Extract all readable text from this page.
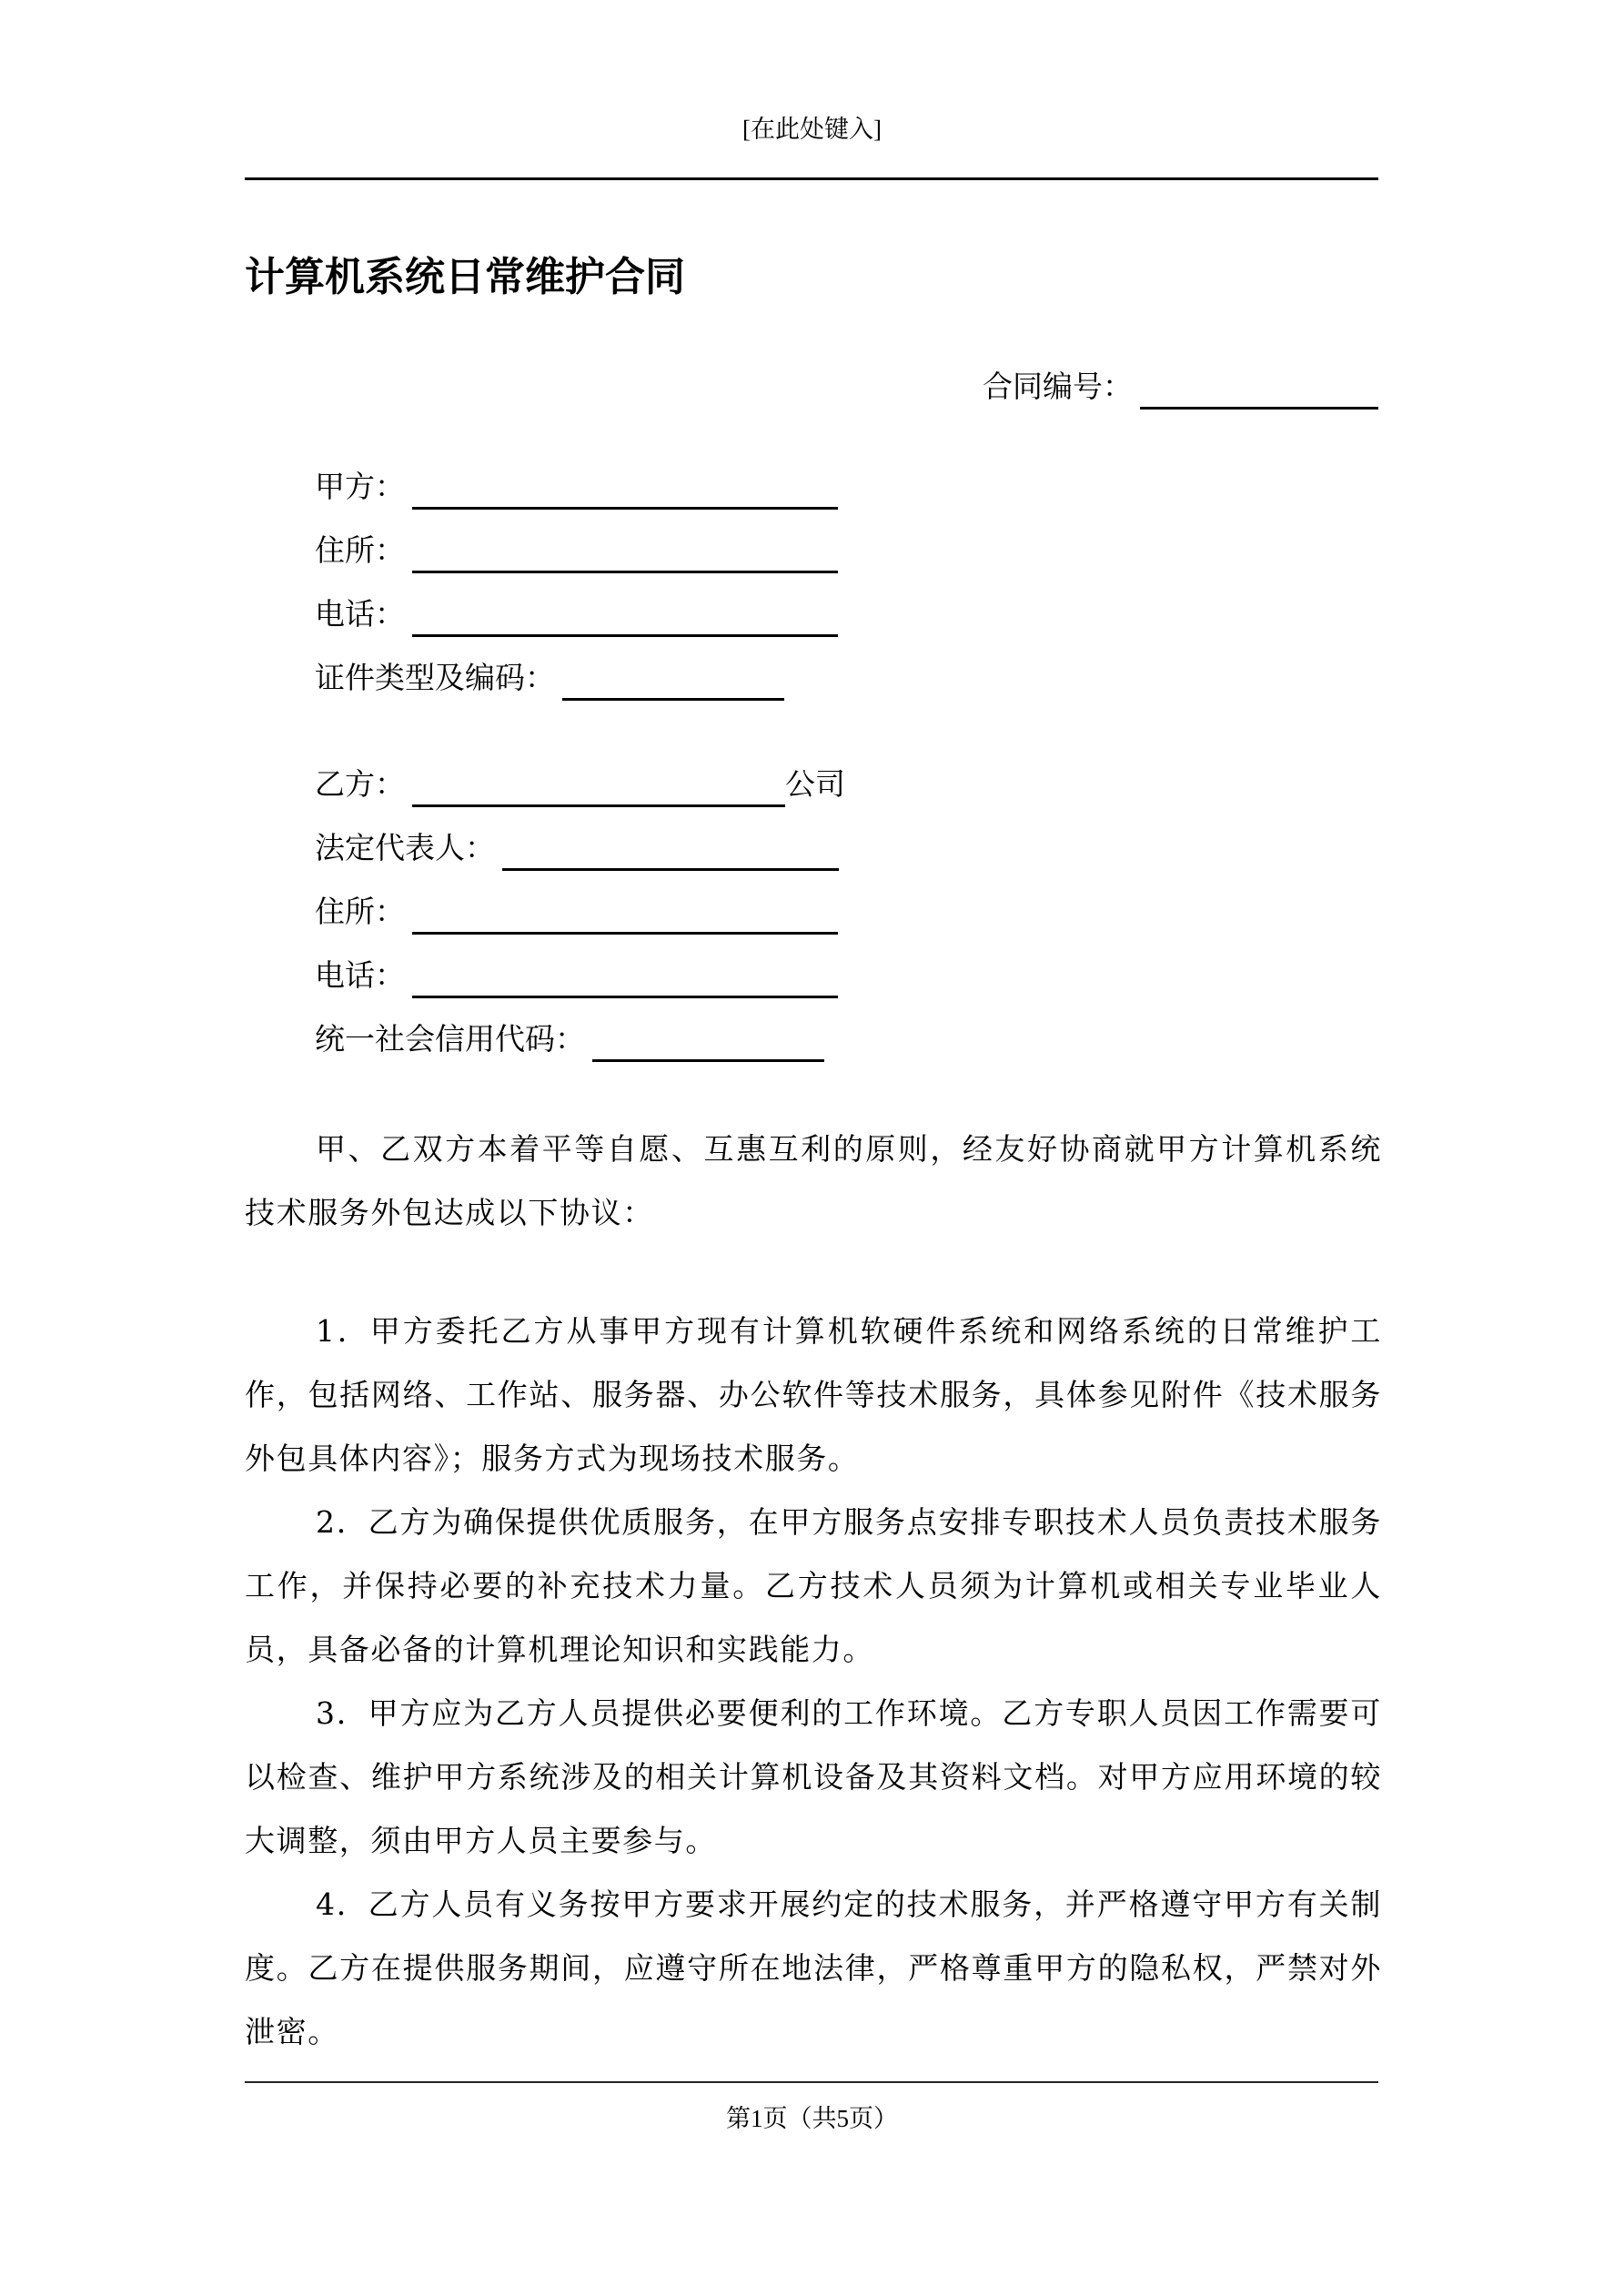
[在此处键入]
计算机系统日常维护合同
合同编号：
甲方：
住所：
电话：
证件类型及编码：
乙方：	公司
法定代表人：
住所：
电话：
统一社会信用代码：
甲、乙双方本着平等自愿、互惠互利的原则，经友好协商就甲方计算机系统技术服务外包达成以下协议：
1．甲方委托乙方从事甲方现有计算机软硬件系统和网络系统的日常维护工作，包括网络、工作站、服务器、办公软件等技术服务，具体参见附件《技术服务外包具体内容》；服务方式为现场技术服务。
2．乙方为确保提供优质服务，在甲方服务点安排专职技术人员负责技术服务工作，并保持必要的补充技术力量。乙方技术人员须为计算机或相关专业毕业人员，具备必备的计算机理论知识和实践能力。
3．甲方应为乙方人员提供必要便利的工作环境。乙方专职人员因工作需要可以检查、维护甲方系统涉及的相关计算机设备及其资料文档。对甲方应用环境的较大调整，须由甲方人员主要参与。
4．乙方人员有义务按甲方要求开展约定的技术服务，并严格遵守甲方有关制度。乙方在提供服务期间，应遵守所在地法律，严格尊重甲方的隐私权，严禁对外泄密。
第1页（共5页）
